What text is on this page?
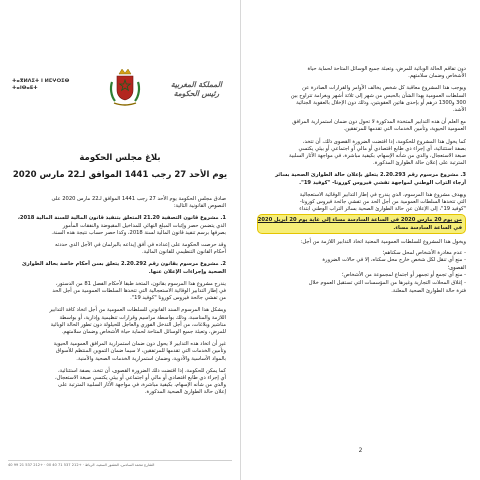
ⵜⴰⴳⵍⴷⵉⵜ ⵏ ⵍⵎⵖⵔⵉⴱ
ⵜⴰⵏⴱⴰⴹⵜ	المملكة المغربية
رئيس الحكومة

بلاغ مجلس الحكومة

يوم الأحد 27 رجب 1441 الموافق لـ22 مارس 2020

صادق مجلس الحكومة يوم الأحد 27 رجب 1441 الموافق لـ22 مارس 2020 على

النصوص القانونية التالية:

1. مشروع قانون التصفية 21.20 المتعلق بتنفيذ قانون المالية للسنة المالية 2018،

الذي يتضمن حصر وإثبات المبلغ النهائي للمداخيل المقبوضة والنفقات المأمور

بصرفها برسم تنفيذ قانون المالية لسنة 2018، وكذا حصر حساب نتيجة هذه السنة.

وقد حرصت الحكومة على إعداده في أفق إيداعه بالبرلمان في الأجل الذي حددته

أحكام القانون التنظيمي للقانون المالية.

2. مشروع مرسوم بقانون رقم 2.20.292 يتعلق بسن أحكام خاصة بحالة الطوارئ

الصحية وإجراءات الإعلان عنها.

يندرج مشروع هذا المرسوم بقانون، المتخذ طبقا لأحكام الفصل 81 من الدستور،

في إطار التدابير الوقائية الاستعجالية التي تتخذها السلطات العمومية من أجل الحد

من تفشي جائحة فيروس كورونا "كوفيد 19".

ويشكل هذا المرسوم السند القانوني للسلطات العمومية من أجل اتخاذ كافة التدابير

اللازمة والمناسبة، وذلك بواسطة مراسيم وقرارات تنظيمية وإدارية، أو بواسطة

مناشير وبلاغات، من أجل التدخل الفوري والعاجل للحيلولة دون تطور الحالة الوبائية

للمرض، وتعبئة جميع الوسائل المتاحة لحماية حياة الأشخاص وضمان سلامتهم.

غير أن اتخاذ هذه التدابير لا يحول دون ضمان استمرارية المرافق العمومية الحيوية

وتأمين الخدمات التي تقدمها للمرتفقين، لا سيما ضمان التموين المنتظم للأسواق

بالمواد الأساسية والأدوية، وضمان استمرارية الخدمات الصحية والأمنية.

كما يمكن للحكومة، إذا اقتضت ذلك الضرورة القصوى، أن تتخذ، بصفة استثنائية،

أي إجراء ذي طابع اقتصادي أو مالي أو اجتماعي أو بيئي يكتسي صبغة الاستعجال،

والذي من شأنه الإسهام، بكيفية مباشرة، في مواجهة الآثار السلبية المترتبة على

إعلان حالة الطوارئ الصحية المذكورة.

الشارع محمد السادس، المشور السعيد، الرباط · +212 537 71 40 00 · +212 537 21 99 40

دون تفاقم الحالة الوبائية للمرض، وتعبئة جميع الوسائل المتاحة لحماية حياة

الأشخاص وضمان سلامتهم.

ويوجب هذا المشروع معاقبة كل شخص يخالف الأوامر والقرارات الصادرة عن

السلطات العمومية بهذا الشأن بالحبس من شهر إلى ثلاثة أشهر وبغرامة تتراوح بين

300 و1300 درهم أو بإحدى هاتين العقوبتين، وذلك دون الإخلال بالعقوبة الجنائية

الأشد.

مع العلم أن هذه التدابير المتخذة المذكورة لا تحول دون ضمان استمرارية المرافق

العمومية الحيوية، وتأمين الخدمات التي تقدمها للمرتفقين.

كما يخول هذا المشروع للحكومة، إذا اقتضت الضرورة القصوى ذلك، أن تتخذ،

بصفة استثنائية، أي إجراء ذي طابع اقتصادي أو مالي أو اجتماعي أو بيئي يكتسي

صبغة الاستعجال، والذي من شأنه الإسهام، بكيفية مباشرة، في مواجهة الآثار السلبية

المترتبة على إعلان حالة الطوارئ المذكورة.

3. مشروع مرسوم رقم 2.20.293 يتعلق بإعلان حالة الطوارئ الصحية بسائر

أرجاء التراب الوطني لمواجهة تفشي فيروس كورونا- "كوفيد 19".

ويهدف مشروع هذا المرسوم، الذي يندرج في إطار التدابير الوقائية الاستعجالية

التي تتخذها السلطات العمومية من أجل الحد من تفشي جائحة فيروس كورونا-

"كوفيد 19"، إلى الإعلان عن حالة الطوارئ الصحية بسائر التراب الوطني ابتداء

من يوم 20 مارس 2020 في الساعة السادسة مساء إلى غاية يوم 20 أبريل 2020

في الساعة السادسة مساء.

ويخول هذا المشروع للسلطات العمومية المعنية اتخاذ التدابير اللازمة من أجل:

- عدم مغادرة الأشخاص لمحل سكناهم؛

- منع أي تنقل لكل شخص خارج محل سكناه، إلا في حالات الضرورة

القصوى؛

- منع أي تجمع أو تجمهر أو اجتماع لمجموعة من الأشخاص؛

- إغلاق المحلات التجارية وغيرها من المؤسسات التي تستقبل العموم خلال

فترة حالة الطوارئ الصحية المعلنة.

2
